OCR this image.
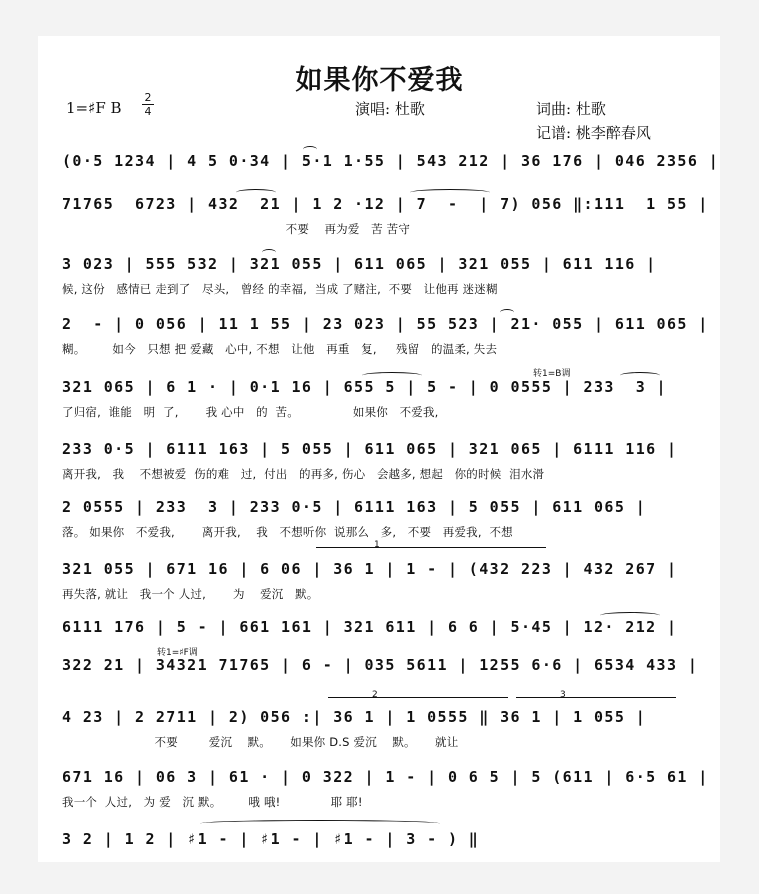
如果你不爱我
1=♯F B
2
4	演唱: 杜歌	词曲: 杜歌
记谱: 桃李醉春风
(0·5 1234 | 4 5 0·34 | 5·1 1·55 | 543 212 | 36 176 | 046 2356 |
71765  6723 | 432  21 | 1 2 ·12 | 7  -  | 7) 056 ‖:111  1 55 |
不要    再为爱   苦 苦守
3 023 | 555 532 | 321 055 | 611 065 | 321 055 | 611 116 |
候, 这份   感情已 走到了   尽头,   曾经 的幸福,  当成 了赌注,  不要   让他再 迷迷糊
2  - | 0 056 | 11 1 55 | 23 023 | 55 523 | 21· 055 | 611 065 |
糊。       如今   只想 把 爱藏   心中, 不想   让他   再重   复,     残留   的温柔, 失去
321 065 | 6 1 · | 0·1 16 | 655 5 | 5 - | 0 0555 | 233  3 |
了归宿,  谁能   明  了,       我 心中   的  苦。              如果你   不爱我,
233 0·5 | 6111 163 | 5 055 | 611 065 | 321 065 | 6111 116 |
离开我,   我    不想被爱  伤的难   过,  付出   的再多, 伤心   会越多, 想起   你的时候  泪水滑
2 0555 | 233  3 | 233 0·5 | 6111 163 | 5 055 | 611 065 |
落。 如果你   不爱我,       离开我,    我   不想听你  说那么   多,   不要   再爱我,  不想
321 055 | 671 16 | 6 06 | 36 1 | 1 - | (432 223 | 432 267 |
再失落, 就让   我一个 人过,       为    爱沉   默。
6111 176 | 5 - | 661 161 | 321 611 | 6 6 | 5·45 | 12· 212 |
322 21 | 34321 71765 | 6 - | 035 5611 | 1255 6·6 | 6534 433 |
4 23 | 2 2711 | 2) 056 :| 36 1 | 1 0555 ‖ 36 1 | 1 055 |
不要        爱沉    默。     如果你 D.S 爱沉    默。     就让
671 16 | 06 3 | 61 · | 0 322 | 1 - | 0 6 5 | 5 (611 | 6·5 61 |
我一个  人过,   为 爱   沉 默。       哦 哦!             耶 耶!
3 2 | 1 2 | ♯1 - | ♯1 - | ♯1 - | 3 - ) ‖
转1=B调
转1=♯F调
1
2	3
